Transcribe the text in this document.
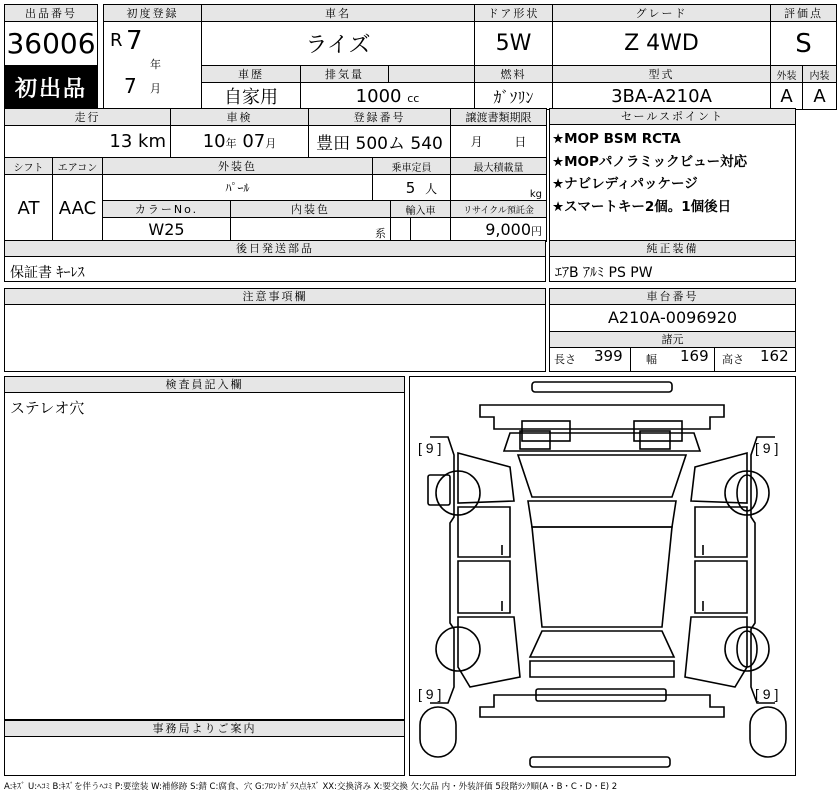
出品番号		初度登録	車名			ドア形状	グレード	評価点	
36006		R 7
年
7 月	ライズ			5W	Z 4WD	S	
初出品			車歴	排気量		燃料	型式	外装	内装
			自家用	1000 cc		ｶﾞｿﾘﾝ	3BA-A210A	A	A
走行			車検		登録番号				譲渡書類期限
13 km			10年 07月		豊田 500ム 540				月 日
シフト	エアコン	外装色				乗車定員			最大積載量
AT	AAC	ﾊﾟｰﾙ				5 人			kg
		カラーNo.		内装色			輸入車		リサイクル預託金
		W25		系					9,000円
後日発送部品
保証書 ｷｰﾚｽ
セールスポイント
★MOP BSM RCTA
★MOPパノラミックビュー対応
★ナビレディパッケージ
★スマートキー2個。1個後日
純正装備
ｴｱB ｱﾙﾐ PS PW
注意事項欄	車台番号
A210A-0096920
諸元
長さ 399 幅 169 高さ 162
検査員記入欄
ステレオ穴
事務局よりご案内
[ 9 ]	[ 9 ]
[ 9 ]	[ 9 ]
A:ｷｽﾞ U:ﾍｺﾐ B:ｷｽﾞを伴うﾍｺﾐ P:要塗装 W:補修跡 S:錆 C:腐食、穴 G:ﾌﾛﾝﾄｶﾞﾗｽ点ｷｽﾞ XX:交換済み X:要交換 欠:欠品 内・外装評価 5段階ﾗﾝｸ順(A・B・C・D・E) 2
